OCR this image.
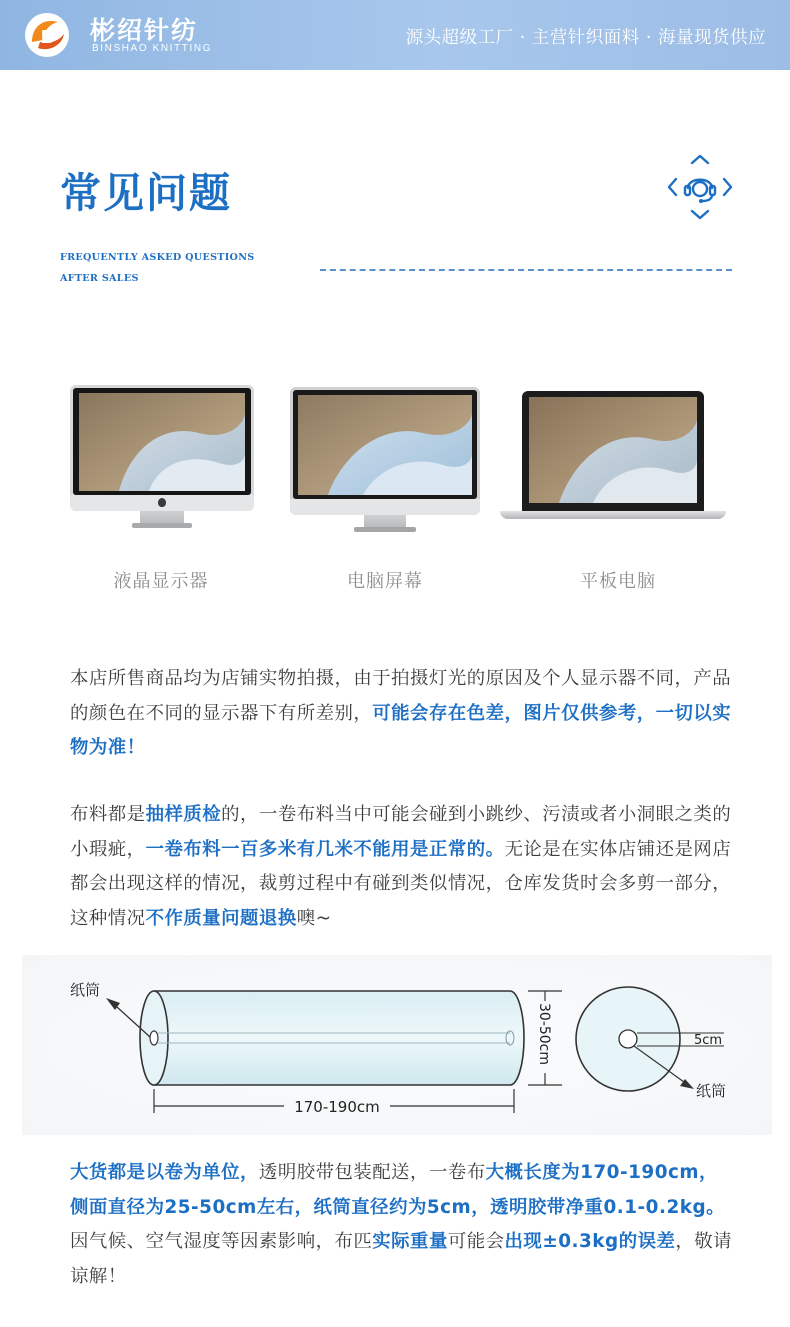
B 彬绍针纺
BINSHAO KNITTING
源头超级工厂 · 主营针织面料 · 海量现货供应
常见问题
FREQUENTLY ASKED QUESTIONS
AFTER SALES
液晶显示器	电脑屏幕	平板电脑
本店所售商品均为店铺实物拍摄，由于拍摄灯光的原因及个人显示器不同，产品的颜色在不同的显示器下有所差别，可能会存在色差，图片仅供参考，一切以实物为准！
布料都是抽样质检的，一卷布料当中可能会碰到小跳纱、污渍或者小洞眼之类的小瑕疵，一卷布料一百多米有几米不能用是正常的。无论是在实体店铺还是网店都会出现这样的情况，裁剪过程中有碰到类似情况，仓库发货时会多剪一部分，这种情况不作质量问题退换噢~
纸筒
170-190cm
30-50cm	5cm
纸筒
大货都是以卷为单位，透明胶带包装配送，一卷布大概长度为170-190cm，侧面直径为25-50cm左右，纸筒直径约为5cm，透明胶带净重0.1-0.2kg。因气候、空气湿度等因素影响，布匹实际重量可能会出现±0.3kg的误差，敬请谅解！
